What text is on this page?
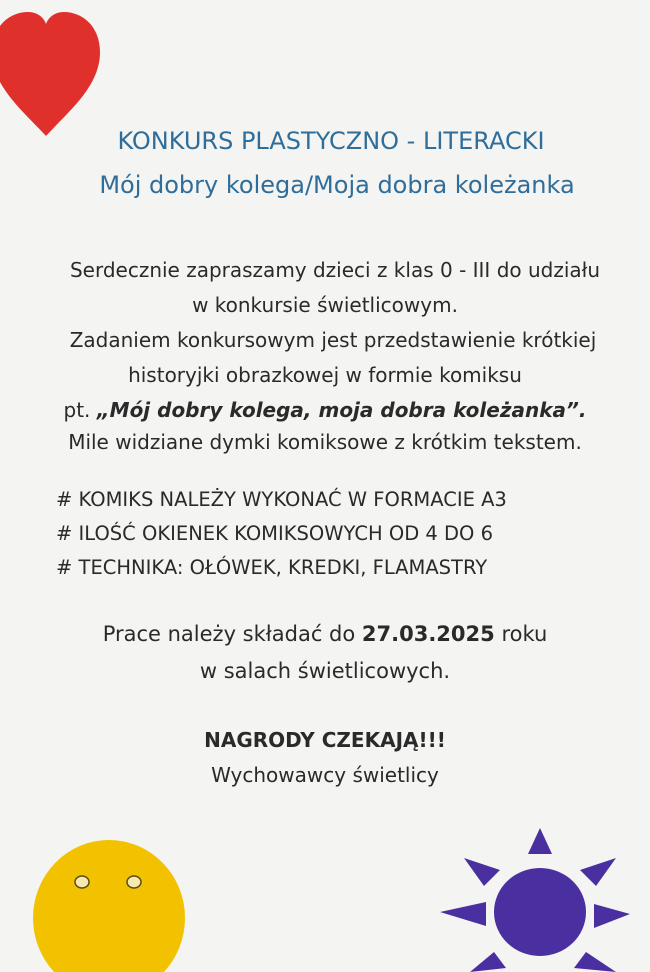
KONKURS PLASTYCZNO - LITERACKI
Mój dobry kolega/Moja dobra koleżanka
Serdecznie zapraszamy dzieci z klas 0 - III do udziału
w konkursie świetlicowym.
Zadaniem konkursowym jest przedstawienie krótkiej
historyjki obrazkowej w formie komiksu
pt. „Mój dobry kolega, moja dobra koleżanka”.
Mile widziane dymki komiksowe z krótkim tekstem.
# KOMIKS NALEŻY WYKONAĆ W FORMACIE A3
# ILOŚĆ OKIENEK KOMIKSOWYCH OD 4 DO 6
# TECHNIKA: OŁÓWEK, KREDKI, FLAMASTRY
Prace należy składać do 27.03.2025 roku
w salach świetlicowych.
NAGRODY CZEKAJĄ!!!
Wychowawcy świetlicy
